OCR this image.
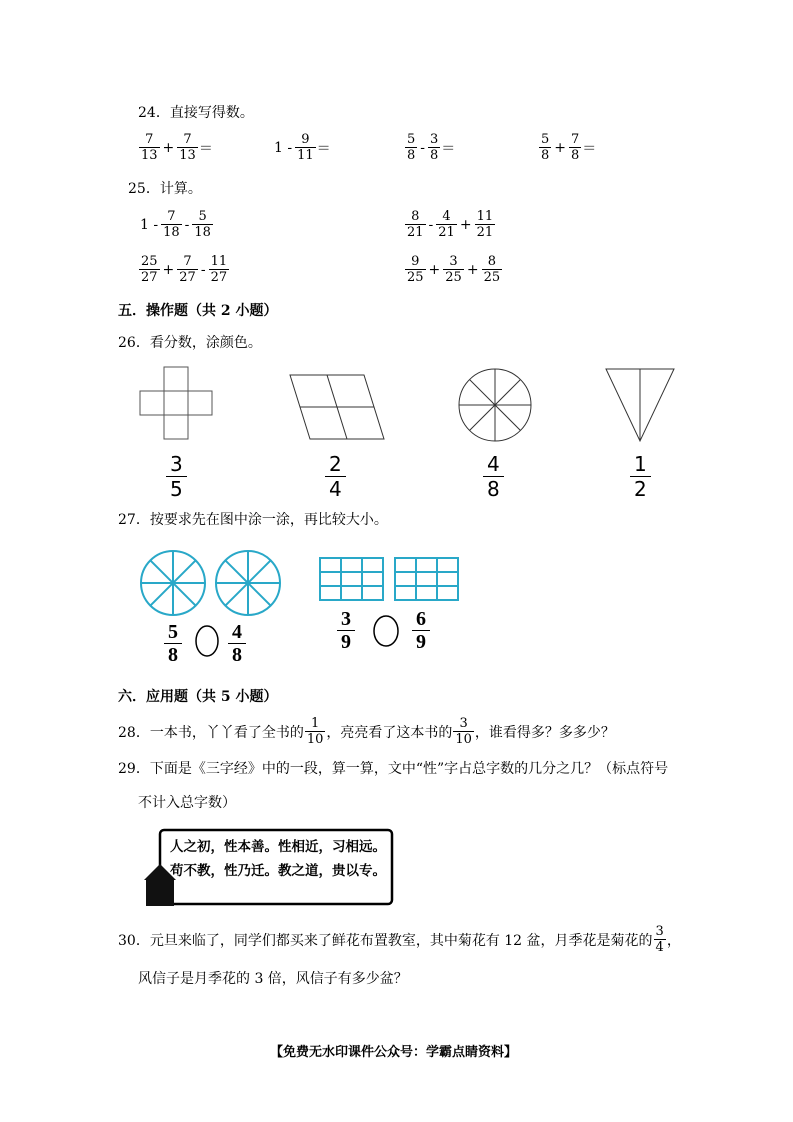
24．直接写得数。
$\frac{7}{13} + \frac{7}{13}$ ＝	$1 - \frac{9}{11}$ ＝	$\frac{5}{8} - \frac{3}{8}$ ＝	$\frac{5}{8} + \frac{7}{8}$ ＝
25．计算。
$1 - \frac{7}{18} - \frac{5}{18}$	$\frac{8}{21} - \frac{4}{21} + \frac{11}{21}$
$\frac{25}{27} + \frac{7}{27} - \frac{11}{27}$	$\frac{9}{25} + \frac{3}{25} + \frac{8}{25}$
五．操作题（共 2 小题）
26．看分数，涂颜色。
3
5
2
4
4
8
1
2
27．按要求先在图中涂一涂，再比较大小。
$\frac{5}{8} \frac{4}{8}$	$\frac{3}{9}$	$\frac{6}{9}$
六．应用题（共 5 小题）
28．一本书，丫丫看了全书的 $\frac{1}{10}$ ，亮亮看了这本书的 $\frac{3}{10}$ ，谁看得多？多多少？
29．下面是《三字经》中的一段，算一算，文中“性”字占总字数的几分之几？（标点符号
不计入总字数）
人之初，性本善。性相近，习相远。
苟不教，性乃迁。教之道，贵以专。
30．元旦来临了，同学们都买来了鲜花布置教室，其中菊花有 12 盆，月季花是菊花的 $\frac{3}{4}$ ，
风信子是月季花的 3 倍，风信子有多少盆？
【免费无水印课件公众号：学霸点睛资料】
